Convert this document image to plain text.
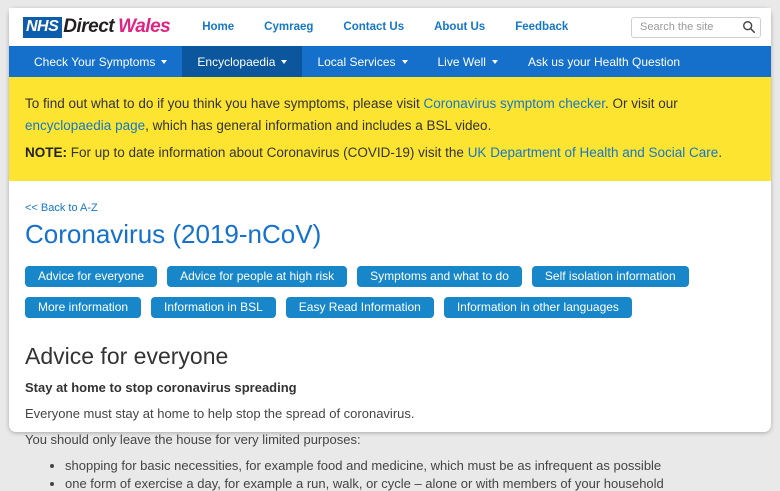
NHS Direct Wales	Home	Cymraeg	Contact Us	About Us	Feedback
Search the site
Check Your Symptoms	Encyclopaedia	Local Services	Live Well	Ask us your Health Question
To find out what to do if you think you have symptoms, please visit Coronavirus symptom checker. Or visit our encyclopaedia page, which has general information and includes a BSL video.
NOTE: For up to date information about Coronavirus (COVID-19) visit the UK Department of Health and Social Care.
<< Back to A-Z
Coronavirus (2019-nCoV)
Advice for everyone	Advice for people at high risk	Symptoms and what to do	Self isolation information
More information	Information in BSL	Easy Read Information	Information in other languages
Advice for everyone

Stay at home to stop coronavirus spreading

Everyone must stay at home to help stop the spread of coronavirus.

You should only leave the house for very limited purposes:

• shopping for basic necessities, for example food and medicine, which must be as infrequent as possible
• one form of exercise a day, for example a run, walk, or cycle – alone or with members of your household
